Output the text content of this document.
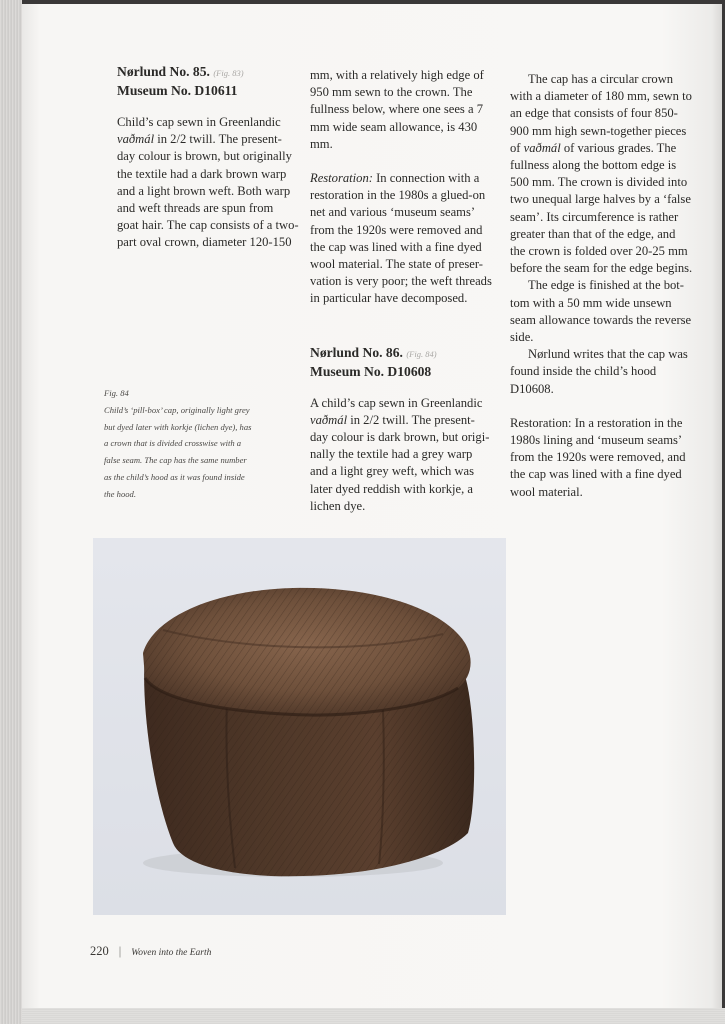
Nørlund No. 85. (Fig. 83)
Museum No. D10611

Child’s cap sewn in Greenlandic

vaðmál in 2/2 twill. The present-

day colour is brown, but originally

the textile had a dark brown warp

and a light brown weft. Both warp

and weft threads are spun from

goat hair. The cap consists of a two-

part oval crown, diameter 120-150

Fig. 84

Child’s ‘pill-box’ cap, originally light grey

but dyed later with korkje (lichen dye), has

a crown that is divided crosswise with a

false seam. The cap has the same number

as the child’s hood as it was found inside

the hood.

mm, with a relatively high edge of

950 mm sewn to the crown. The

fullness below, where one sees a 7

mm wide seam allowance, is 430

mm.

Restoration: In connection with a

restoration in the 1980s a glued-on

net and various ‘museum seams’

from the 1920s were removed and

the cap was lined with a fine dyed

wool material. The state of preser-

vation is very poor; the weft threads

in particular have decomposed.

Nørlund No. 86. (Fig. 84)
Museum No. D10608

A child’s cap sewn in Greenlandic

vaðmál in 2/2 twill. The present-

day colour is dark brown, but origi-

nally the textile had a grey warp

and a light grey weft, which was

later dyed reddish with korkje, a

lichen dye.

The cap has a circular crown

with a diameter of 180 mm, sewn to

an edge that consists of four 850-

900 mm high sewn-together pieces

of vaðmál of various grades. The

fullness along the bottom edge is

500 mm. The crown is divided into

two unequal large halves by a ‘false

seam’. Its circumference is rather

greater than that of the edge, and

the crown is folded over 20-25 mm

before the seam for the edge begins.

The edge is finished at the bot-

tom with a 50 mm wide unsewn

seam allowance towards the reverse

side.

Nørlund writes that the cap was

found inside the child’s hood

D10608.

Restoration: In a restoration in the

1980s lining and ‘museum seams’

from the 1920s were removed, and

the cap was lined with a fine dyed

wool material.

220 | Woven into the Earth
